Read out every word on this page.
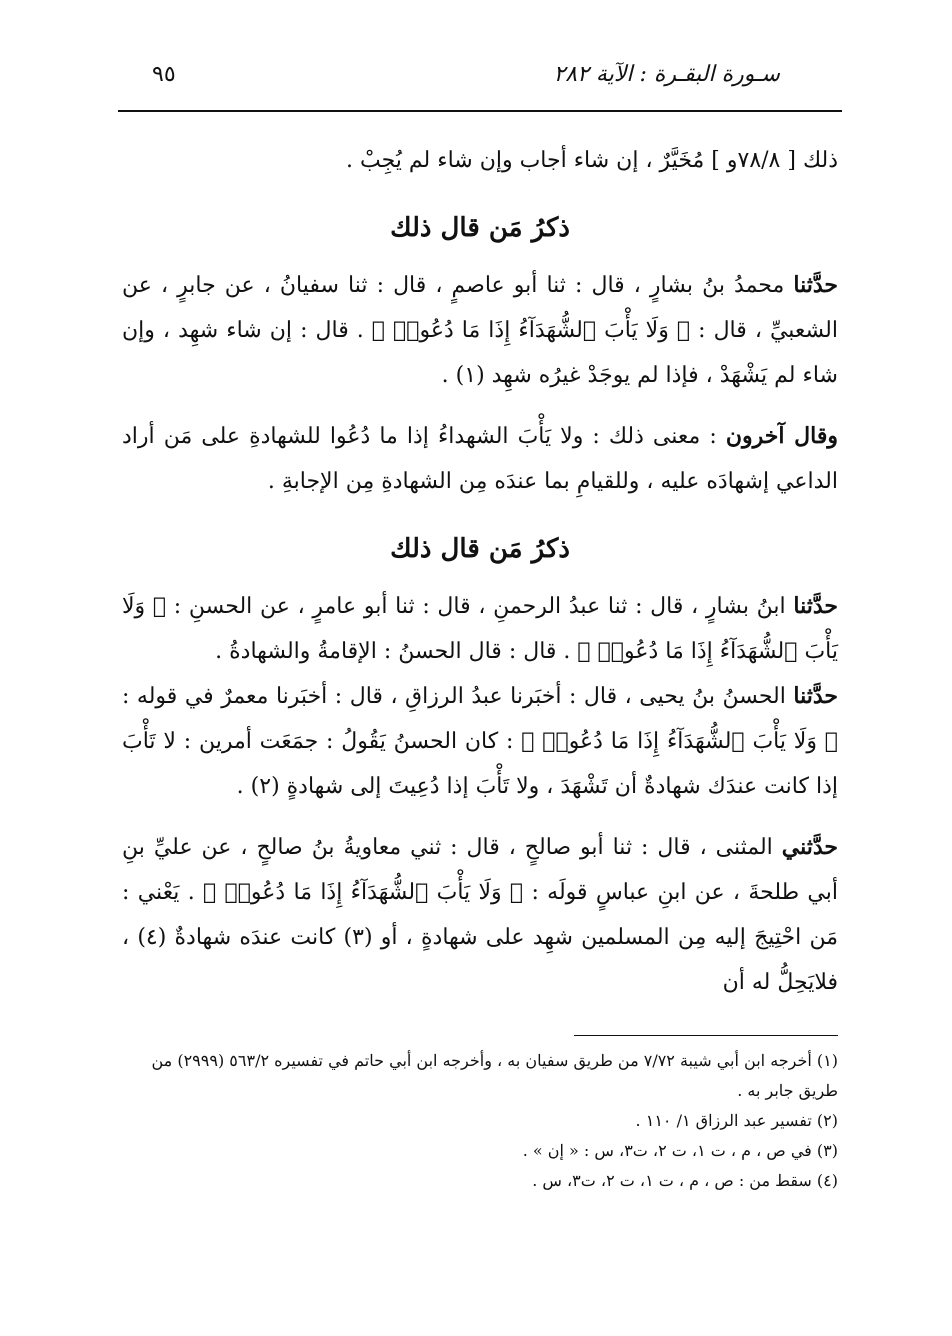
سـورة البقـرة : الآية ٢٨٢
٩٥

ذلك [ ٧٨/٨و ] مُخَيَّرٌ ، إن شاء أجاب وإن شاء لم يُجِبْ .

ذكرُ مَن قال ذلك

حدَّثنا محمدُ بنُ بشارٍ ، قال : ثنا أبو عاصمٍ ، قال : ثنا سفيانُ ، عن جابرٍ ، عن الشعبيِّ ، قال : ﴿ وَلَا يَأْبَ ٱلشُّهَدَآءُ إِذَا مَا دُعُوا۟ ﴾ . قال : إن شاء شهِد ، وإن شاء لم يَشْهَدْ ، فإذا لم يوجَدْ غيرُه شهِد (١) .

وقال آخرون : معنى ذلك : ولا يَأْبَ الشهداءُ إذا ما دُعُوا للشهادةِ على مَن أراد الداعي إشهادَه عليه ، وللقيامِ بما عندَه مِن الشهادةِ مِن الإجابةِ .

ذكرُ مَن قال ذلك

حدَّثنا ابنُ بشارٍ ، قال : ثنا عبدُ الرحمنِ ، قال : ثنا أبو عامرٍ ، عن الحسنِ : ﴿ وَلَا يَأْبَ ٱلشُّهَدَآءُ إِذَا مَا دُعُوا۟ ﴾ . قال : قال الحسنُ : الإقامةُ والشهادةُ .

حدَّثنا الحسنُ بنُ يحيى ، قال : أخبَرنا عبدُ الرزاقِ ، قال : أخبَرنا معمرٌ في قوله : ﴿ وَلَا يَأْبَ ٱلشُّهَدَآءُ إِذَا مَا دُعُوا۟ ﴾ : كان الحسنُ يَقُولُ : جمَعَت أمرين : لا تَأْبَ إذا كانت عندَك شهادةٌ أن تَشْهَدَ ، ولا تَأْبَ إذا دُعِيتَ إلى شهادةٍ (٢) .

حدَّثني المثنى ، قال : ثنا أبو صالحٍ ، قال : ثني معاويةُ بنُ صالحٍ ، عن عليِّ بنِ أبي طلحةَ ، عن ابنِ عباسٍ قولَه : ﴿ وَلَا يَأْبَ ٱلشُّهَدَآءُ إِذَا مَا دُعُوا۟ ﴾ . يَعْني : مَن احْتِيجَ إليه مِن المسلمين شهِد على شهادةٍ ، أو (٣) كانت عندَه شهادةٌ (٤) ، فلايَحِلُّ له أن

(١) أخرجه ابن أبي شيبة ٧/٧٢ من طريق سفيان به ، وأخرجه ابن أبي حاتم في تفسيره ٥٦٣/٢ (٢٩٩٩) من طريق جابر به .

(٢) تفسير عبد الرزاق ١/ ١١٠ .

(٣) في ص ، م ، ت ١، ت ٢، ت٣، س : « إن » .

(٤) سقط من : ص ، م ، ت ١، ت ٢، ت٣، س .
